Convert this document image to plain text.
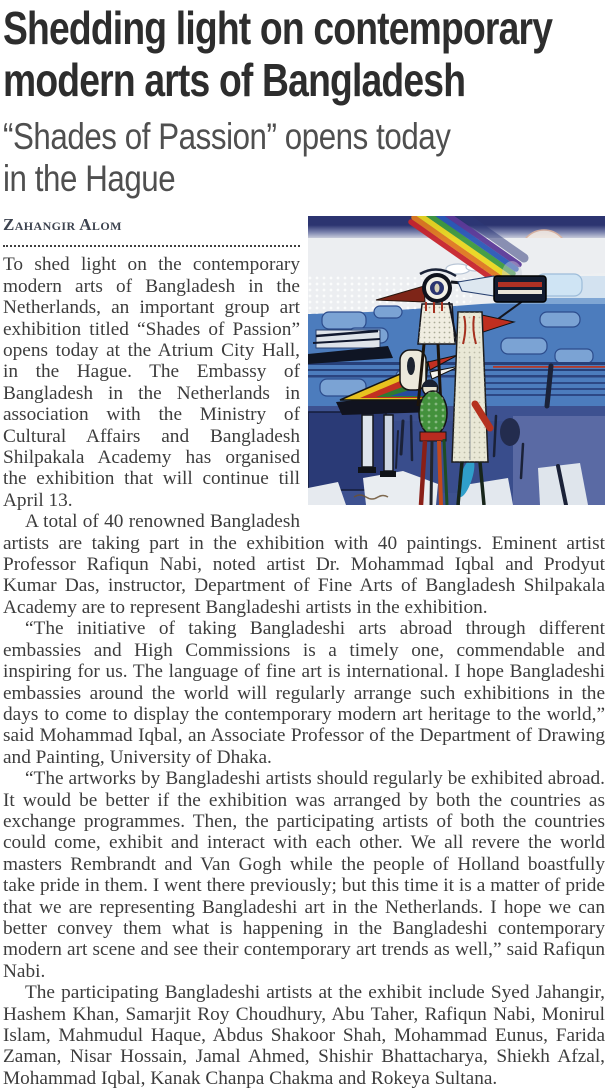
Shedding light on contemporary
modern arts of Bangladesh
“Shades of Passion” opens today
in the Hague
Zahangir Alom

To shed light on the contemporary modern arts of Bangladesh in the Netherlands, an important group art exhibition titled “Shades of Passion” opens today at the Atrium City Hall, in the Hague. The Embassy of Bangladesh in the Netherlands in association with the Ministry of Cultural Affairs and Bangladesh Shilpakala Academy has organised the exhibition that will continue till April 13.

A total of 40 renowned Bangladesh artists are taking part in the exhibition with 40 paintings. Eminent artist Professor Rafiqun Nabi, noted artist Dr. Mohammad Iqbal and Prodyut Kumar Das, instructor, Department of Fine Arts of Bangladesh Shilpakala Academy are to represent Bangladeshi artists in the exhibition.

“The initiative of taking Bangladeshi arts abroad through different embassies and High Commissions is a timely one, commendable and inspiring for us. The language of fine art is international. I hope Bangladeshi embassies around the world will regularly arrange such exhibitions in the days to come to display the contemporary modern art heritage to the world,” said Mohammad Iqbal, an Associate Professor of the Department of Drawing and Painting, University of Dhaka.

“The artworks by Bangladeshi artists should regularly be exhibited abroad. It would be better if the exhibition was arranged by both the countries as exchange programmes. Then, the participating artists of both the countries could come, exhibit and interact with each other. We all revere the world masters Rembrandt and Van Gogh while the people of Holland boastfully take pride in them. I went there previously; but this time it is a matter of pride that we are representing Bangladeshi art in the Netherlands. I hope we can better convey them what is happening in the Bangladeshi contemporary modern art scene and see their contemporary art trends as well,” said Rafiqun Nabi.

The participating Bangladeshi artists at the exhibit include Syed Jahangir, Hashem Khan, Samarjit Roy Choudhury, Abu Taher, Rafiqun Nabi, Monirul Islam, Mahmudul Haque, Abdus Shakoor Shah, Mohammad Eunus, Farida Zaman, Nisar Hossain, Jamal Ahmed, Shishir Bhattacharya, Shiekh Afzal, Mohammad Iqbal, Kanak Chanpa Chakma and Rokeya Sultana.
